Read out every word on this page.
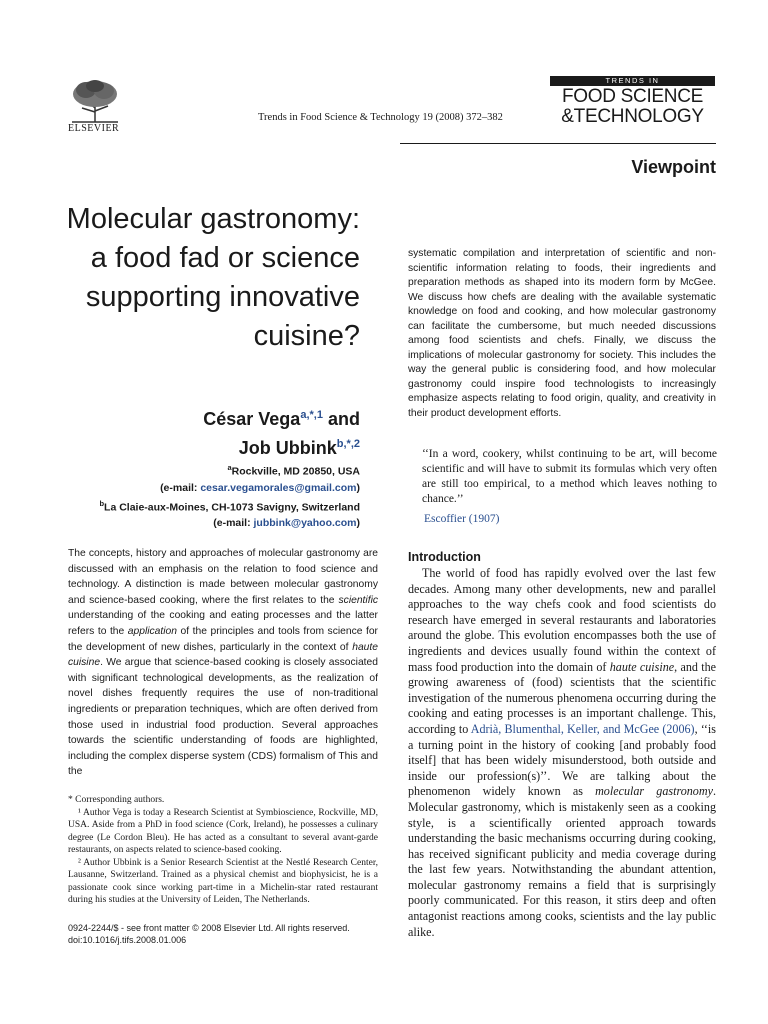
ELSEVIER
Trends in Food Science & Technology 19 (2008) 372–382
TRENDS IN
FOOD SCIENCE
&TECHNOLOGY
Viewpoint
Molecular gastronomy: a food fad or science supporting innovative cuisine?
César Vega$^{a,*,1}$ and
Job Ubbink$^{b,*,2}$
$^a$Rockville, MD 20850, USA
(e-mail: cesar.vegamorales@gmail.com)
$^b$La Claie-aux-Moines, CH-1073 Savigny, Switzerland
(e-mail: jubbink@yahoo.com)
The concepts, history and approaches of molecular gastronomy are discussed with an emphasis on the relation to food science and technology. A distinction is made between molecular gastronomy and science-based cooking, where the first relates to the scientific understanding of the cooking and eating processes and the latter refers to the application of the principles and tools from science for the development of new dishes, particularly in the context of haute cuisine. We argue that science-based cooking is closely associated with significant technological developments, as the realization of novel dishes frequently requires the use of non-traditional ingredients or preparation techniques, which are often derived from those used in industrial food production. Several approaches towards the scientific understanding of foods are highlighted, including the complex disperse system (CDS) formalism of This and the

* Corresponding authors.

¹ Author Vega is today a Research Scientist at Symbioscience, Rockville, MD, USA. Aside from a PhD in food science (Cork, Ireland), he possesses a culinary degree (Le Cordon Bleu). He has acted as a consultant to several avant-garde restaurants, on aspects related to science-based cooking.

² Author Ubbink is a Senior Research Scientist at the Nestlé Research Center, Lausanne, Switzerland. Trained as a physical chemist and biophysicist, he is a passionate cook since working part-time in a Michelin-star rated restaurant during his studies at the University of Leiden, The Netherlands.

0924-2244/$ - see front matter © 2008 Elsevier Ltd. All rights reserved.
doi:10.1016/j.tifs.2008.01.006
systematic compilation and interpretation of scientific and non-scientific information relating to foods, their ingredients and preparation methods as shaped into its modern form by McGee. We discuss how chefs are dealing with the available systematic knowledge on food and cooking, and how molecular gastronomy can facilitate the cumbersome, but much needed discussions among food scientists and chefs. Finally, we discuss the implications of molecular gastronomy for society. This includes the way the general public is considering food, and how molecular gastronomy could inspire food technologists to increasingly emphasize aspects relating to food origin, quality, and creativity in their product development efforts.
‘‘In a word, cookery, whilst continuing to be art, will become scientific and will have to submit its formulas which very often are still too empirical, to a method which leaves nothing to chance.’’
Escoffier (1907)
Introduction

The world of food has rapidly evolved over the last few decades. Among many other developments, new and parallel approaches to the way chefs cook and food scientists do research have emerged in several restaurants and laboratories around the globe. This evolution encompasses both the use of ingredients and devices usually found within the context of mass food production into the domain of haute cuisine, and the growing awareness of (food) scientists that the scientific investigation of the numerous phenomena occurring during the cooking and eating processes is an important challenge. This, according to Adrià, Blumenthal, Keller, and McGee (2006), ‘‘is a turning point in the history of cooking [and probably food itself] that has been widely misunderstood, both outside and inside our profession(s)’’. We are talking about the phenomenon widely known as molecular gastronomy. Molecular gastronomy, which is mistakenly seen as a cooking style, is a scientifically oriented approach towards understanding the basic mechanisms occurring during cooking, has received significant publicity and media coverage during the last few years. Notwithstanding the abundant attention, molecular gastronomy remains a field that is surprisingly poorly communicated. For this reason, it stirs deep and often antagonist reactions among cooks, scientists and the lay public alike.
